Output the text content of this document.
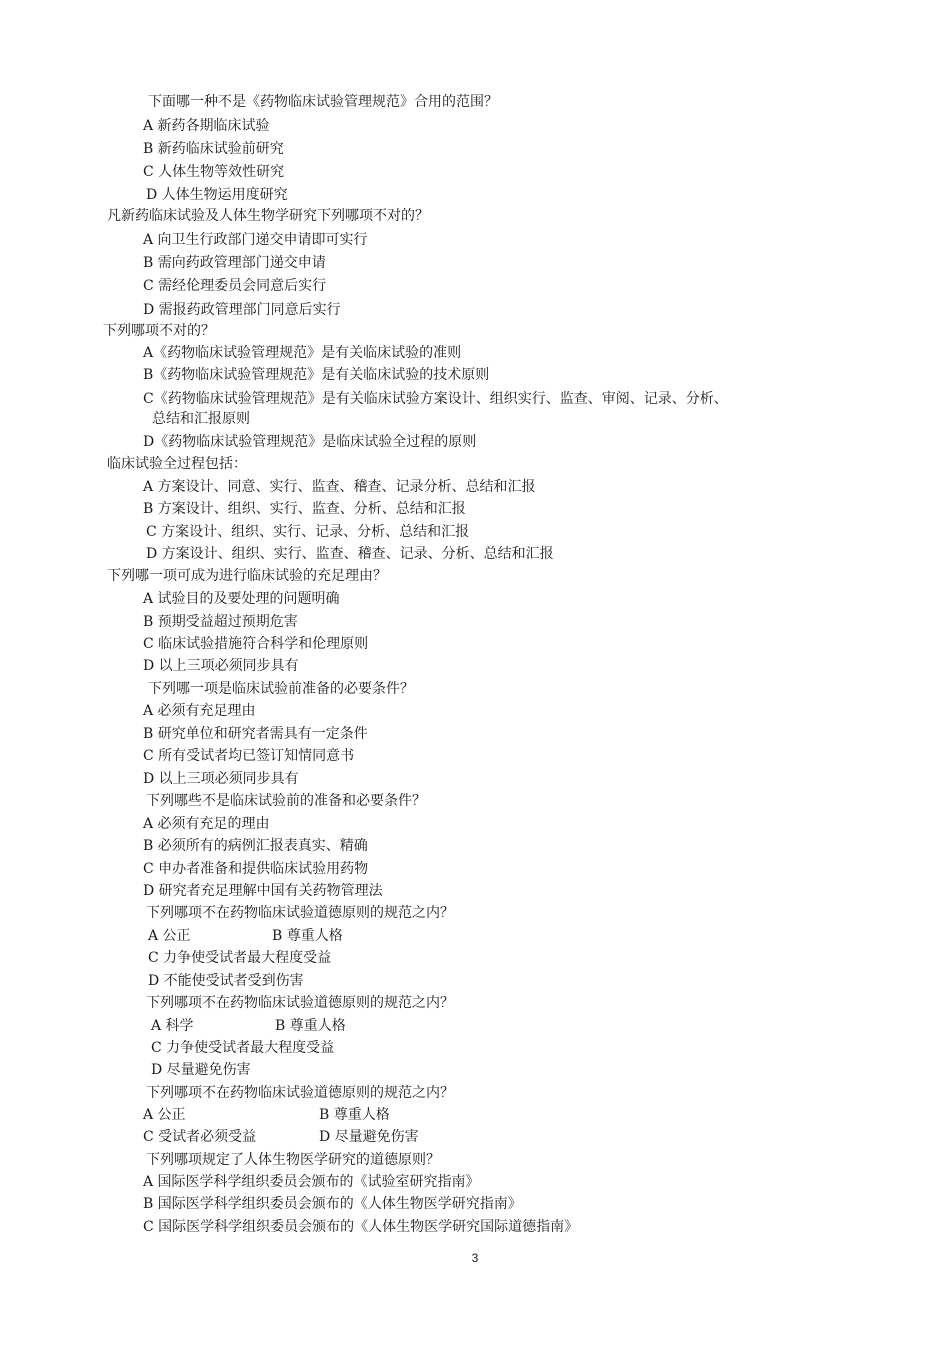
下面哪一种不是《药物临床试验管理规范》合用的范围？
A 新药各期临床试验
B 新药临床试验前研究
C 人体生物等效性研究
D 人体生物运用度研究
凡新药临床试验及人体生物学研究下列哪项不对的？
A 向卫生行政部门递交申请即可实行
B 需向药政管理部门递交申请
C 需经伦理委员会同意后实行
D 需报药政管理部门同意后实行
下列哪项不对的？
A《药物临床试验管理规范》是有关临床试验的准则
B《药物临床试验管理规范》是有关临床试验的技术原则
C《药物临床试验管理规范》是有关临床试验方案设计、组织实行、监查、审阅、记录、分析、
总结和汇报原则
D《药物临床试验管理规范》是临床试验全过程的原则
临床试验全过程包括：
A 方案设计、同意、实行、监查、稽查、记录分析、总结和汇报
B 方案设计、组织、实行、监查、分析、总结和汇报
C 方案设计、组织、实行、记录、分析、总结和汇报
D 方案设计、组织、实行、监查、稽查、记录、分析、总结和汇报
下列哪一项可成为进行临床试验的充足理由？
A 试验目的及要处理的问题明确
B 预期受益超过预期危害
C 临床试验措施符合科学和伦理原则
D 以上三项必须同步具有
下列哪一项是临床试验前准备的必要条件？
A 必须有充足理由
B 研究单位和研究者需具有一定条件
C 所有受试者均已签订知情同意书
D 以上三项必须同步具有
下列哪些不是临床试验前的准备和必要条件？
A 必须有充足的理由
B 必须所有的病例汇报表真实、精确
C 申办者准备和提供临床试验用药物
D 研究者充足理解中国有关药物管理法
下列哪项不在药物临床试验道德原则的规范之内？
A 公正	B 尊重人格
C 力争使受试者最大程度受益
D 不能使受试者受到伤害
下列哪项不在药物临床试验道德原则的规范之内？
A 科学	B 尊重人格
C 力争使受试者最大程度受益
D 尽量避免伤害
下列哪项不在药物临床试验道德原则的规范之内？
A 公正	B 尊重人格
C 受试者必须受益	D 尽量避免伤害
下列哪项规定了人体生物医学研究的道德原则？
A 国际医学科学组织委员会颁布的《试验室研究指南》
B 国际医学科学组织委员会颁布的《人体生物医学研究指南》
C 国际医学科学组织委员会颁布的《人体生物医学研究国际道德指南》
3
